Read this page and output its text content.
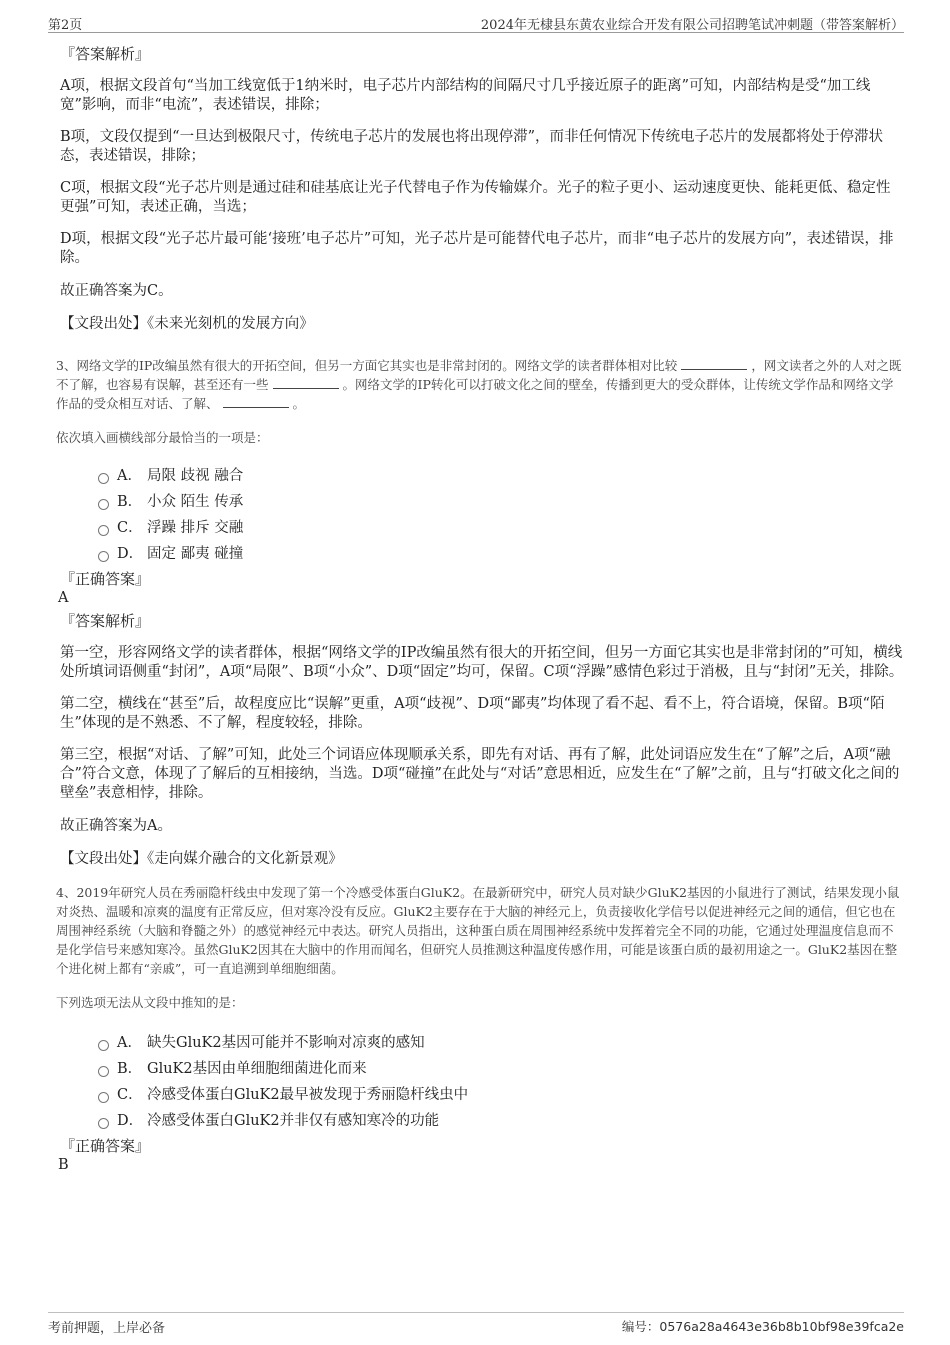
第2页	2024年无棣县东黄农业综合开发有限公司招聘笔试冲刺题（带答案解析）
『答案解析』

A项，根据文段首句“当加工线宽低于1纳米时，电子芯片内部结构的间隔尺寸几乎接近原子的距离”可知，内部结构是受“加工线宽”影响，而非“电流”，表述错误，排除；

B项，文段仅提到“一旦达到极限尺寸，传统电子芯片的发展也将出现停滞”，而非任何情况下传统电子芯片的发展都将处于停滞状态，表述错误，排除；

C项，根据文段“光子芯片则是通过硅和硅基底让光子代替电子作为传输媒介。光子的粒子更小、运动速度更快、能耗更低、稳定性更强”可知，表述正确，当选；

D项，根据文段“光子芯片最可能‘接班’电子芯片”可知，光子芯片是可能替代电子芯片，而非“电子芯片的发展方向”，表述错误，排除。

故正确答案为C。

【文段出处】《未来光刻机的发展方向》

3、网络文学的IP改编虽然有很大的开拓空间，但另一方面它其实也是非常封闭的。网络文学的读者群体相对比较	，网文读者之外的人对之既不了解，也容易有误解，甚至还有一些	。网络文学的IP转化可以打破文化之间的壁垒，传播到更大的受众群体，让传统文学作品和网络文学作品的受众相互对话、了解、	。

依次填入画横线部分最恰当的一项是：

A． 局限 歧视 融合
B． 小众 陌生 传承
C． 浮躁 排斥 交融
D． 固定 鄙夷 碰撞
『正确答案』
A
『答案解析』

第一空，形容网络文学的读者群体，根据“网络文学的IP改编虽然有很大的开拓空间，但另一方面它其实也是非常封闭的”可知，横线处所填词语侧重“封闭”，A项“局限”、B项“小众”、D项“固定”均可，保留。C项“浮躁”感情色彩过于消极，且与“封闭”无关，排除。

第二空，横线在“甚至”后，故程度应比“误解”更重，A项“歧视”、D项“鄙夷”均体现了看不起、看不上，符合语境，保留。B项“陌生”体现的是不熟悉、不了解，程度较轻，排除。

第三空，根据“对话、了解”可知，此处三个词语应体现顺承关系，即先有对话、再有了解，此处词语应发生在“了解”之后，A项“融合”符合文意，体现了了解后的互相接纳，当选。D项“碰撞”在此处与“对话”意思相近，应发生在“了解”之前，且与“打破文化之间的壁垒”表意相悖，排除。

故正确答案为A。

【文段出处】《走向媒介融合的文化新景观》

4、2019年研究人员在秀丽隐杆线虫中发现了第一个冷感受体蛋白GluK2。在最新研究中，研究人员对缺少GluK2基因的小鼠进行了测试，结果发现小鼠对炎热、温暖和凉爽的温度有正常反应，但对寒冷没有反应。GluK2主要存在于大脑的神经元上，负责接收化学信号以促进神经元之间的通信，但它也在周围神经系统（大脑和脊髓之外）的感觉神经元中表达。研究人员指出，这种蛋白质在周围神经系统中发挥着完全不同的功能，它通过处理温度信息而不是化学信号来感知寒冷。虽然GluK2因其在大脑中的作用而闻名，但研究人员推测这种温度传感作用，可能是该蛋白质的最初用途之一。GluK2基因在整个进化树上都有“亲戚”，可一直追溯到单细胞细菌。

下列选项无法从文段中推知的是：

A． 缺失GluK2基因可能并不影响对凉爽的感知
B． GluK2基因由单细胞细菌进化而来
C． 冷感受体蛋白GluK2最早被发现于秀丽隐杆线虫中
D． 冷感受体蛋白GluK2并非仅有感知寒冷的功能
『正确答案』
B
考前押题，上岸必备	编号：0576a28a4643e36b8b10bf98e39fca2e
